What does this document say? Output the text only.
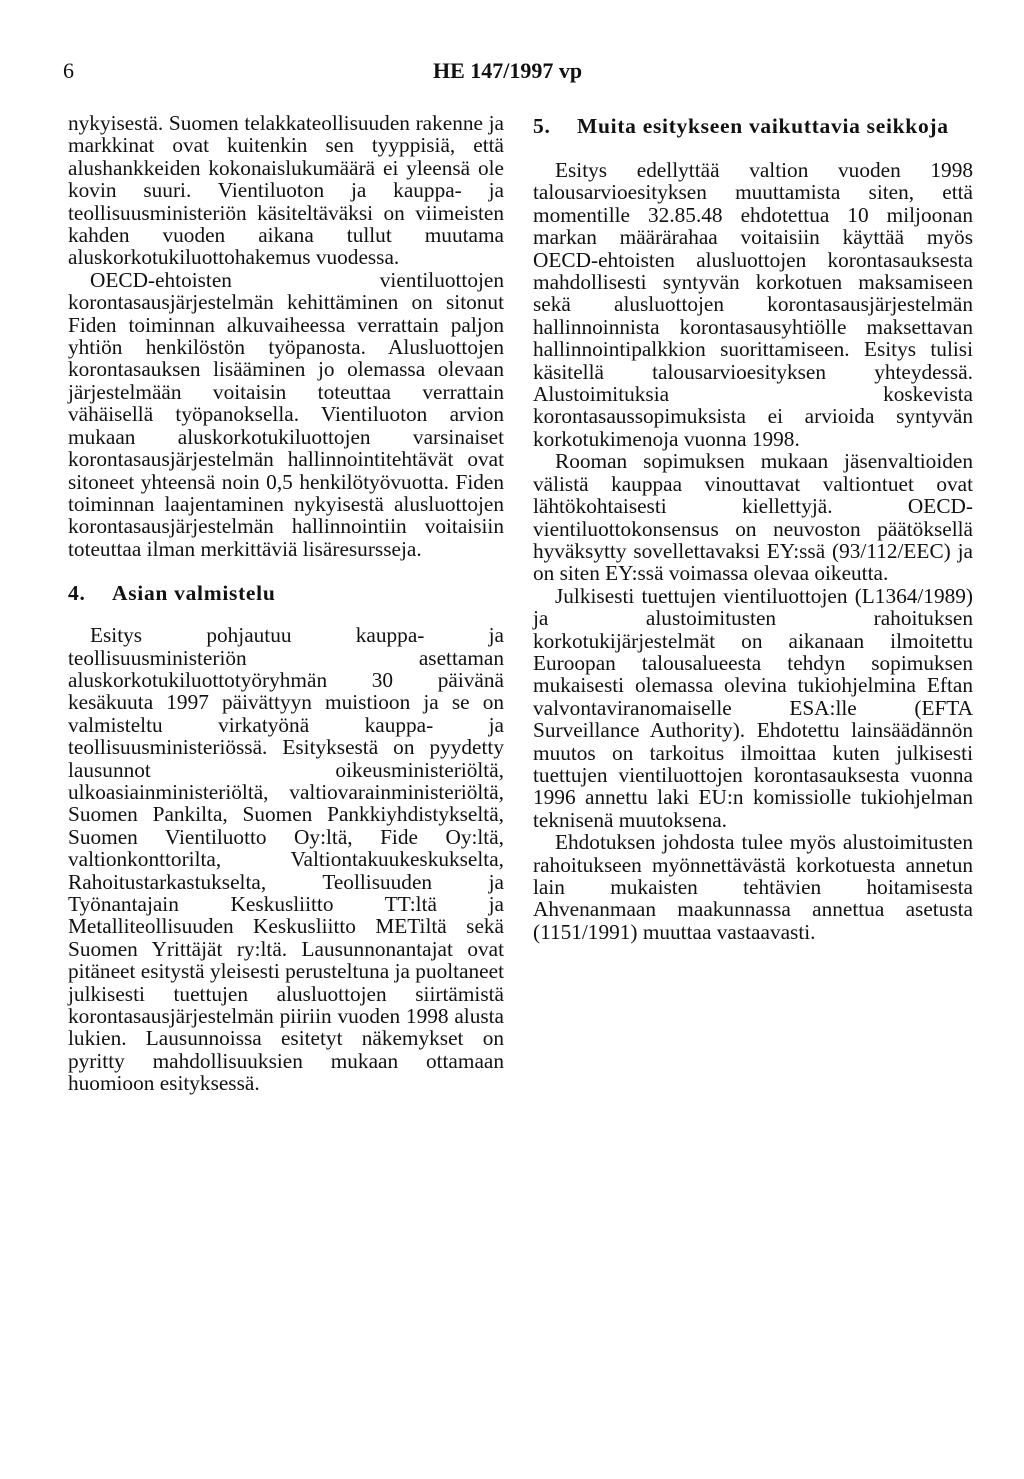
6	HE 147/1997 vp

nykyisestä. Suomen telakkateollisuuden rakenne ja markkinat ovat kuitenkin sen tyyppisiä, että alushankkeiden kokonaislukumäärä ei yleensä ole kovin suuri. Vientiluoton ja kauppa- ja teollisuusministeriön käsiteltäväksi on viimeisten kahden vuoden aikana tullut muutama aluskorkotukiluottohakemus vuodessa.

OECD-ehtoisten vientiluottojen korontasausjärjestelmän kehittäminen on sitonut Fiden toiminnan alkuvaiheessa verrattain paljon yhtiön henkilöstön työpanosta. Alusluottojen korontasauksen lisääminen jo olemassa olevaan järjestelmään voitaisin toteuttaa verrattain vähäisellä työpanoksella. Vientiluoton arvion mukaan aluskorkotukiluottojen varsinaiset korontasausjärjestelmän hallinnointitehtävät ovat sitoneet yhteensä noin 0,5 henkilötyövuotta. Fiden toiminnan laajentaminen nykyisestä alusluottojen korontasausjärjestelmän hallinnointiin voitaisiin toteuttaa ilman merkittäviä lisäresursseja.

4.	Asian valmistelu

Esitys pohjautuu kauppa- ja teollisuusministeriön asettaman aluskorkotukiluottotyöryhmän 30 päivänä kesäkuuta 1997 päivättyyn muistioon ja se on valmisteltu virkatyönä kauppa- ja teollisuusministeriössä. Esityksestä on pyydetty lausunnot oikeusministeriöltä, ulkoasiainministeriöltä, valtiovarainministeriöltä, Suomen Pankilta, Suomen Pankkiyhdistykseltä, Suomen Vientiluotto Oy:ltä, Fide Oy:ltä, valtionkonttorilta, Valtiontakuukeskukselta, Rahoitustarkastukselta, Teollisuuden ja Työnantajain Keskusliitto TT:ltä ja Metalliteollisuuden Keskusliitto METiltä sekä Suomen Yrittäjät ry:ltä. Lausunnonantajat ovat pitäneet esitystä yleisesti perusteltuna ja puoltaneet julkisesti tuettujen alusluottojen siirtämistä korontasausjärjestelmän piiriin vuoden 1998 alusta lukien. Lausunnoissa esitetyt näkemykset on pyritty mahdollisuuksien mukaan ottamaan huomioon esityksessä.

5.	Muita esitykseen vaikuttavia seikkoja

Esitys edellyttää valtion vuoden 1998 talousarvioesityksen muuttamista siten, että momentille 32.85.48 ehdotettua 10 miljoonan markan määrärahaa voitaisiin käyttää myös OECD-ehtoisten alusluottojen korontasauksesta mahdollisesti syntyvän korkotuen maksamiseen sekä alusluottojen korontasausjärjestelmän hallinnoinnista korontasausyhtiölle maksettavan hallinnointipalkkion suorittamiseen. Esitys tulisi käsitellä talousarvioesityksen yhteydessä. Alustoimituksia koskevista korontasaussopimuksista ei arvioida syntyvän korkotukimenoja vuonna 1998.

Rooman sopimuksen mukaan jäsenvaltioiden välistä kauppaa vinouttavat valtiontuet ovat lähtökohtaisesti kiellettyjä. OECD-vientiluottokonsensus on neuvoston päätöksellä hyväksytty sovellettavaksi EY:ssä (93/112/EEC) ja on siten EY:ssä voimassa olevaa oikeutta.

Julkisesti tuettujen vientiluottojen (L1364/1989) ja alustoimitusten rahoituksen korkotukijärjestelmät on aikanaan ilmoitettu Euroopan talousalueesta tehdyn sopimuksen mukaisesti olemassa olevina tukiohjelmina Eftan valvontaviranomaiselle ESA:lle (EFTA Surveillance Authority). Ehdotettu lainsäädännön muutos on tarkoitus ilmoittaa kuten julkisesti tuettujen vientiluottojen korontasauksesta vuonna 1996 annettu laki EU:n komissiolle tukiohjelman teknisenä muutoksena.

Ehdotuksen johdosta tulee myös alustoimitusten rahoitukseen myönnettävästä korkotuesta annetun lain mukaisten tehtävien hoitamisesta Ahvenanmaan maakunnassa annettua asetusta (1151/1991) muuttaa vastaavasti.
